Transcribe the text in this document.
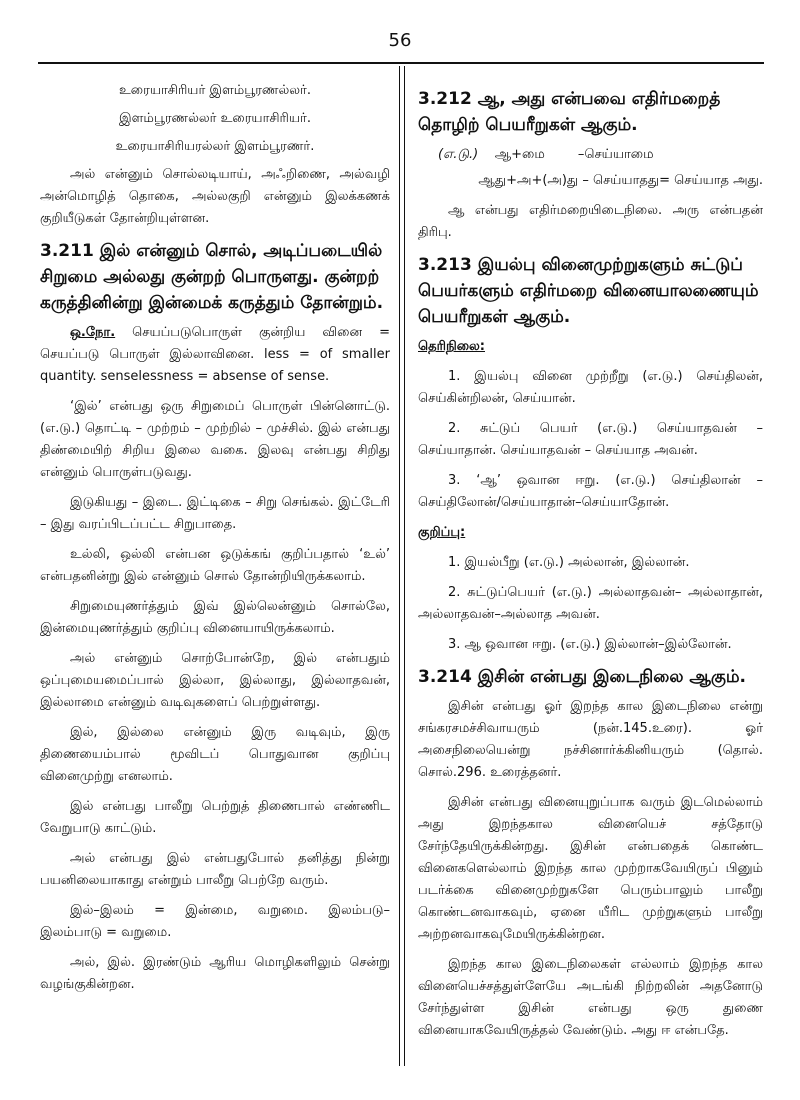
56

உரையாசிரியர் இளம்பூரணல்லர்.

இளம்பூரணல்லர் உரையாசிரியர்.

உரையாசிரியரல்லர் இளம்பூரணர்.

அல் என்னும் சொல்லடியாய், அஃறிணை, அல்வழி அன்மொழித் தொகை, அல்லகுறி என்னும் இலக்கணக் குறியீடுகள் தோன்றியுள்ளன.

3.211 இல் என்னும் சொல், அடிப்படையில் சிறுமை அல்லது குன்றற் பொருளது. குன்றற் கருத்தினின்று இன்மைக் கருத்தும் தோன்றும்.

ஒ.நோ. செயப்படுபொருள் குன்றிய வினை = செயப்படு பொருள் இல்லாவினை. less = of smaller quantity. senselessness = absense of sense.

‘இல்’ என்பது ஒரு சிறுமைப் பொருள் பின்னொட்டு. (எ.டு.) தொட்டி – முற்றம் – முற்றில் – முச்சில். இல் என்பது திண்மையிற் சிறிய இலை வகை. இலவு என்பது சிறிது என்னும் பொருள்படுவது.

இடுகியது – இடை. இட்டிகை – சிறு செங்கல். இட்டேரி – இது வரப்பிடப்பட்ட சிறுபாதை.

உல்லி, ஒல்லி என்பன ஒடுக்கங் குறிப்பதால் ‘உல்’ என்பதனின்று இல் என்னும் சொல் தோன்றியிருக்கலாம்.

சிறுமையுணர்த்தும் இவ் இல்லென்னும் சொல்லே, இன்மையுணர்த்தும் குறிப்பு வினையாயிருக்கலாம்.

அல் என்னும் சொற்போன்றே, இல் என்பதும் ஒப்புமையமைப்பால் இல்லா, இல்லாது, இல்லாதவன், இல்லாமை என்னும் வடிவுகளைப் பெற்றுள்ளது.

இல், இல்லை என்னும் இரு வடிவும், இரு திணையைம்பால் மூவிடப் பொதுவான குறிப்பு வினைமுற்று எனலாம்.

இல் என்பது பாலீறு பெற்றுத் திணைபால் எண்ணிட வேறுபாடு காட்டும்.

அல் என்பது இல் என்பதுபோல் தனித்து நின்று பயனிலையாகாது என்றும் பாலீறு பெற்றே வரும்.

இல்–இலம் = இன்மை, வறுமை. இலம்படு– இலம்பாடு = வறுமை.

அல், இல். இரண்டும் ஆரிய மொழிகளிலும் சென்று வழங்குகின்றன.

3.212 ஆ, அது என்பவை எதிர்மறைத் தொழிற் பெயரீறுகள் ஆகும்.

(எ.டு.) ஆ+மை	–செய்யாமை

ஆது+அ+(அ)து – செய்யாதது= செய்யாத அது.

ஆ என்பது எதிர்மறையிடைநிலை. அரு என்பதன் திரிபு.

3.213 இயல்பு வினைமுற்றுகளும் சுட்டுப் பெயர்களும் எதிர்மறை வினையாலணையும் பெயரீறுகள் ஆகும்.

தெரிநிலை:

1. இயல்பு வினை முற்றீறு (எ.டு.) செய்திலன், செய்கின்றிலன், செய்யான்.

2. சுட்டுப் பெயர் (எ.டு.) செய்யாதவன் – செய்யாதான். செய்யாதவன் – செய்யாத அவன்.

3. ‘ஆ’ ஒவான ஈறு. (எ.டு.) செய்திலான் – செய்திலோன்/செய்யாதான்–செய்யாதோன்.

குறிப்பு:

1. இயல்பீறு (எ.டு.) அல்லான், இல்லான்.

2. சுட்டுப்பெயர் (எ.டு.) அல்லாதவன்– அல்லாதான், அல்லாதவன்–அல்லாத அவன்.

3. ஆ ஒவான ஈறு. (எ.டு.) இல்லான்–இல்லோன்.

3.214 இசின் என்பது இடைநிலை ஆகும்.

இசின் என்பது ஓர் இறந்த கால இடைநிலை என்று சங்கரசமச்சிவாயரும் (நன்.145.உரை). ஓர் அசைநிலையென்று நச்சினார்க்கினியரும் (தொல். சொல்.296. உரைத்தனர்.

இசின் என்பது வினையுறுப்பாக வரும் இடமெல்லாம் அது இறந்தகால வினையெச் சத்தோடு சேர்ந்தேயிருக்கின்றது. இசின் என்பதைக் கொண்ட வினைகளெல்லாம் இறந்த கால முற்றாகவேயிருப் பினும் படர்க்கை வினைமுற்றுகளே பெரும்பாலும் பாலீறு கொண்டனவாகவும், ஏனை யீரிட முற்றுகளும் பாலீறு அற்றனவாகவுமேயிருக்கின்றன.

இறந்த கால இடைநிலைகள் எல்லாம் இறந்த கால வினையெச்சத்துள்ளேயே அடங்கி நிற்றலின் அதனோடு சேர்ந்துள்ள இசின் என்பது ஒரு துணை வினையாகவேயிருத்தல் வேண்டும். அது ஈ என்பதே.
